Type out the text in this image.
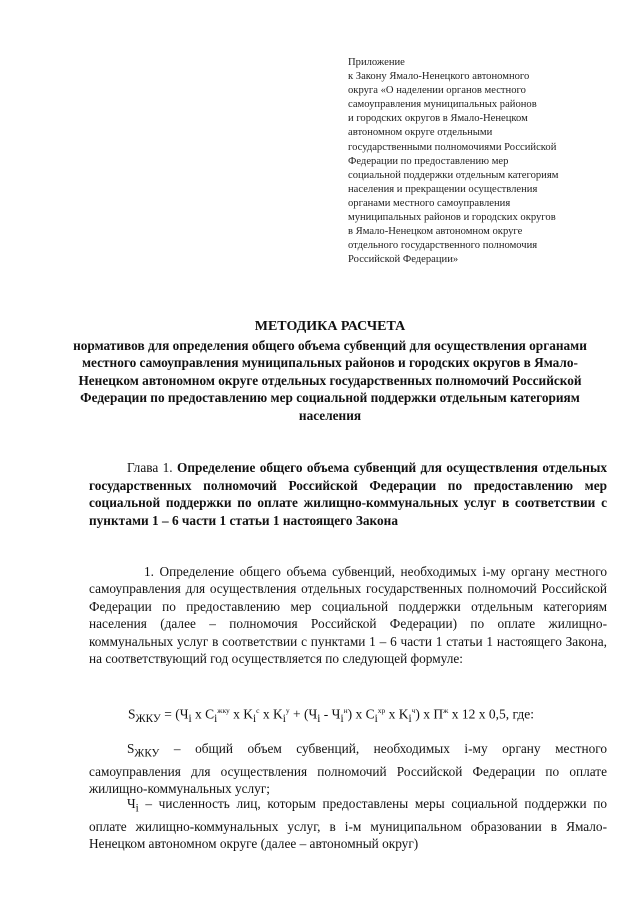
Приложение
к Закону Ямало-Ненецкого автономного
округа «О наделении органов местного
самоуправления муниципальных районов
и городских округов в Ямало-Ненецком
автономном округе отдельными
государственными полномочиями Российской
Федерации по предоставлению мер
социальной поддержки отдельным категориям
населения и прекращении осуществления
органами местного самоуправления
муниципальных районов и городских округов
в Ямало-Ненецком автономном округе
отдельного государственного полномочия
Российской Федерации»
МЕТОДИКА РАСЧЕТА
нормативов для определения общего объема субвенций для осуществления органами местного самоуправления муниципальных районов и городских округов в Ямало-Ненецком автономном округе отдельных государственных полномочий Российской Федерации по предоставлению мер социальной поддержки отдельным категориям населения
Глава 1. Определение общего объема субвенций для осуществления отдельных государственных полномочий Российской Федерации по предоставлению мер социальной поддержки по оплате жилищно-коммунальных услуг в соответствии с пунктами 1 – 6 части 1 статьи 1 настоящего Закона
1. Определение общего объема субвенций, необходимых i-му органу местного самоуправления для осуществления отдельных государственных полномочий Российской Федерации по предоставлению мер социальной поддержки отдельным категориям населения (далее – полномочия Российской Федерации) по оплате жилищно-коммунальных услуг в соответствии с пунктами 1 – 6 части 1 статьи 1 настоящего Закона, на соответствующий год осуществляется по следующей формуле:
$S_{ЖКУ} = (Ч_i$ х $C_i^{жку}$ х $K_i^с$ х $K_i^у + (Ч_i - Ч_i^н)$ х $C_i^{хр}$ х $K_i^ч$) х $П^ж$ х 12 х 0,5, где:
$S_{ЖКУ}$ – общий объем субвенций, необходимых i-му органу местного самоуправления для осуществления полномочий Российской Федерации по оплате жилищно-коммунальных услуг;
$Ч_i$ – численность лиц, которым предоставлены меры социальной поддержки по оплате жилищно-коммунальных услуг, в i-м муниципальном образовании в Ямало-Ненецком автономном округе (далее – автономный округ)
